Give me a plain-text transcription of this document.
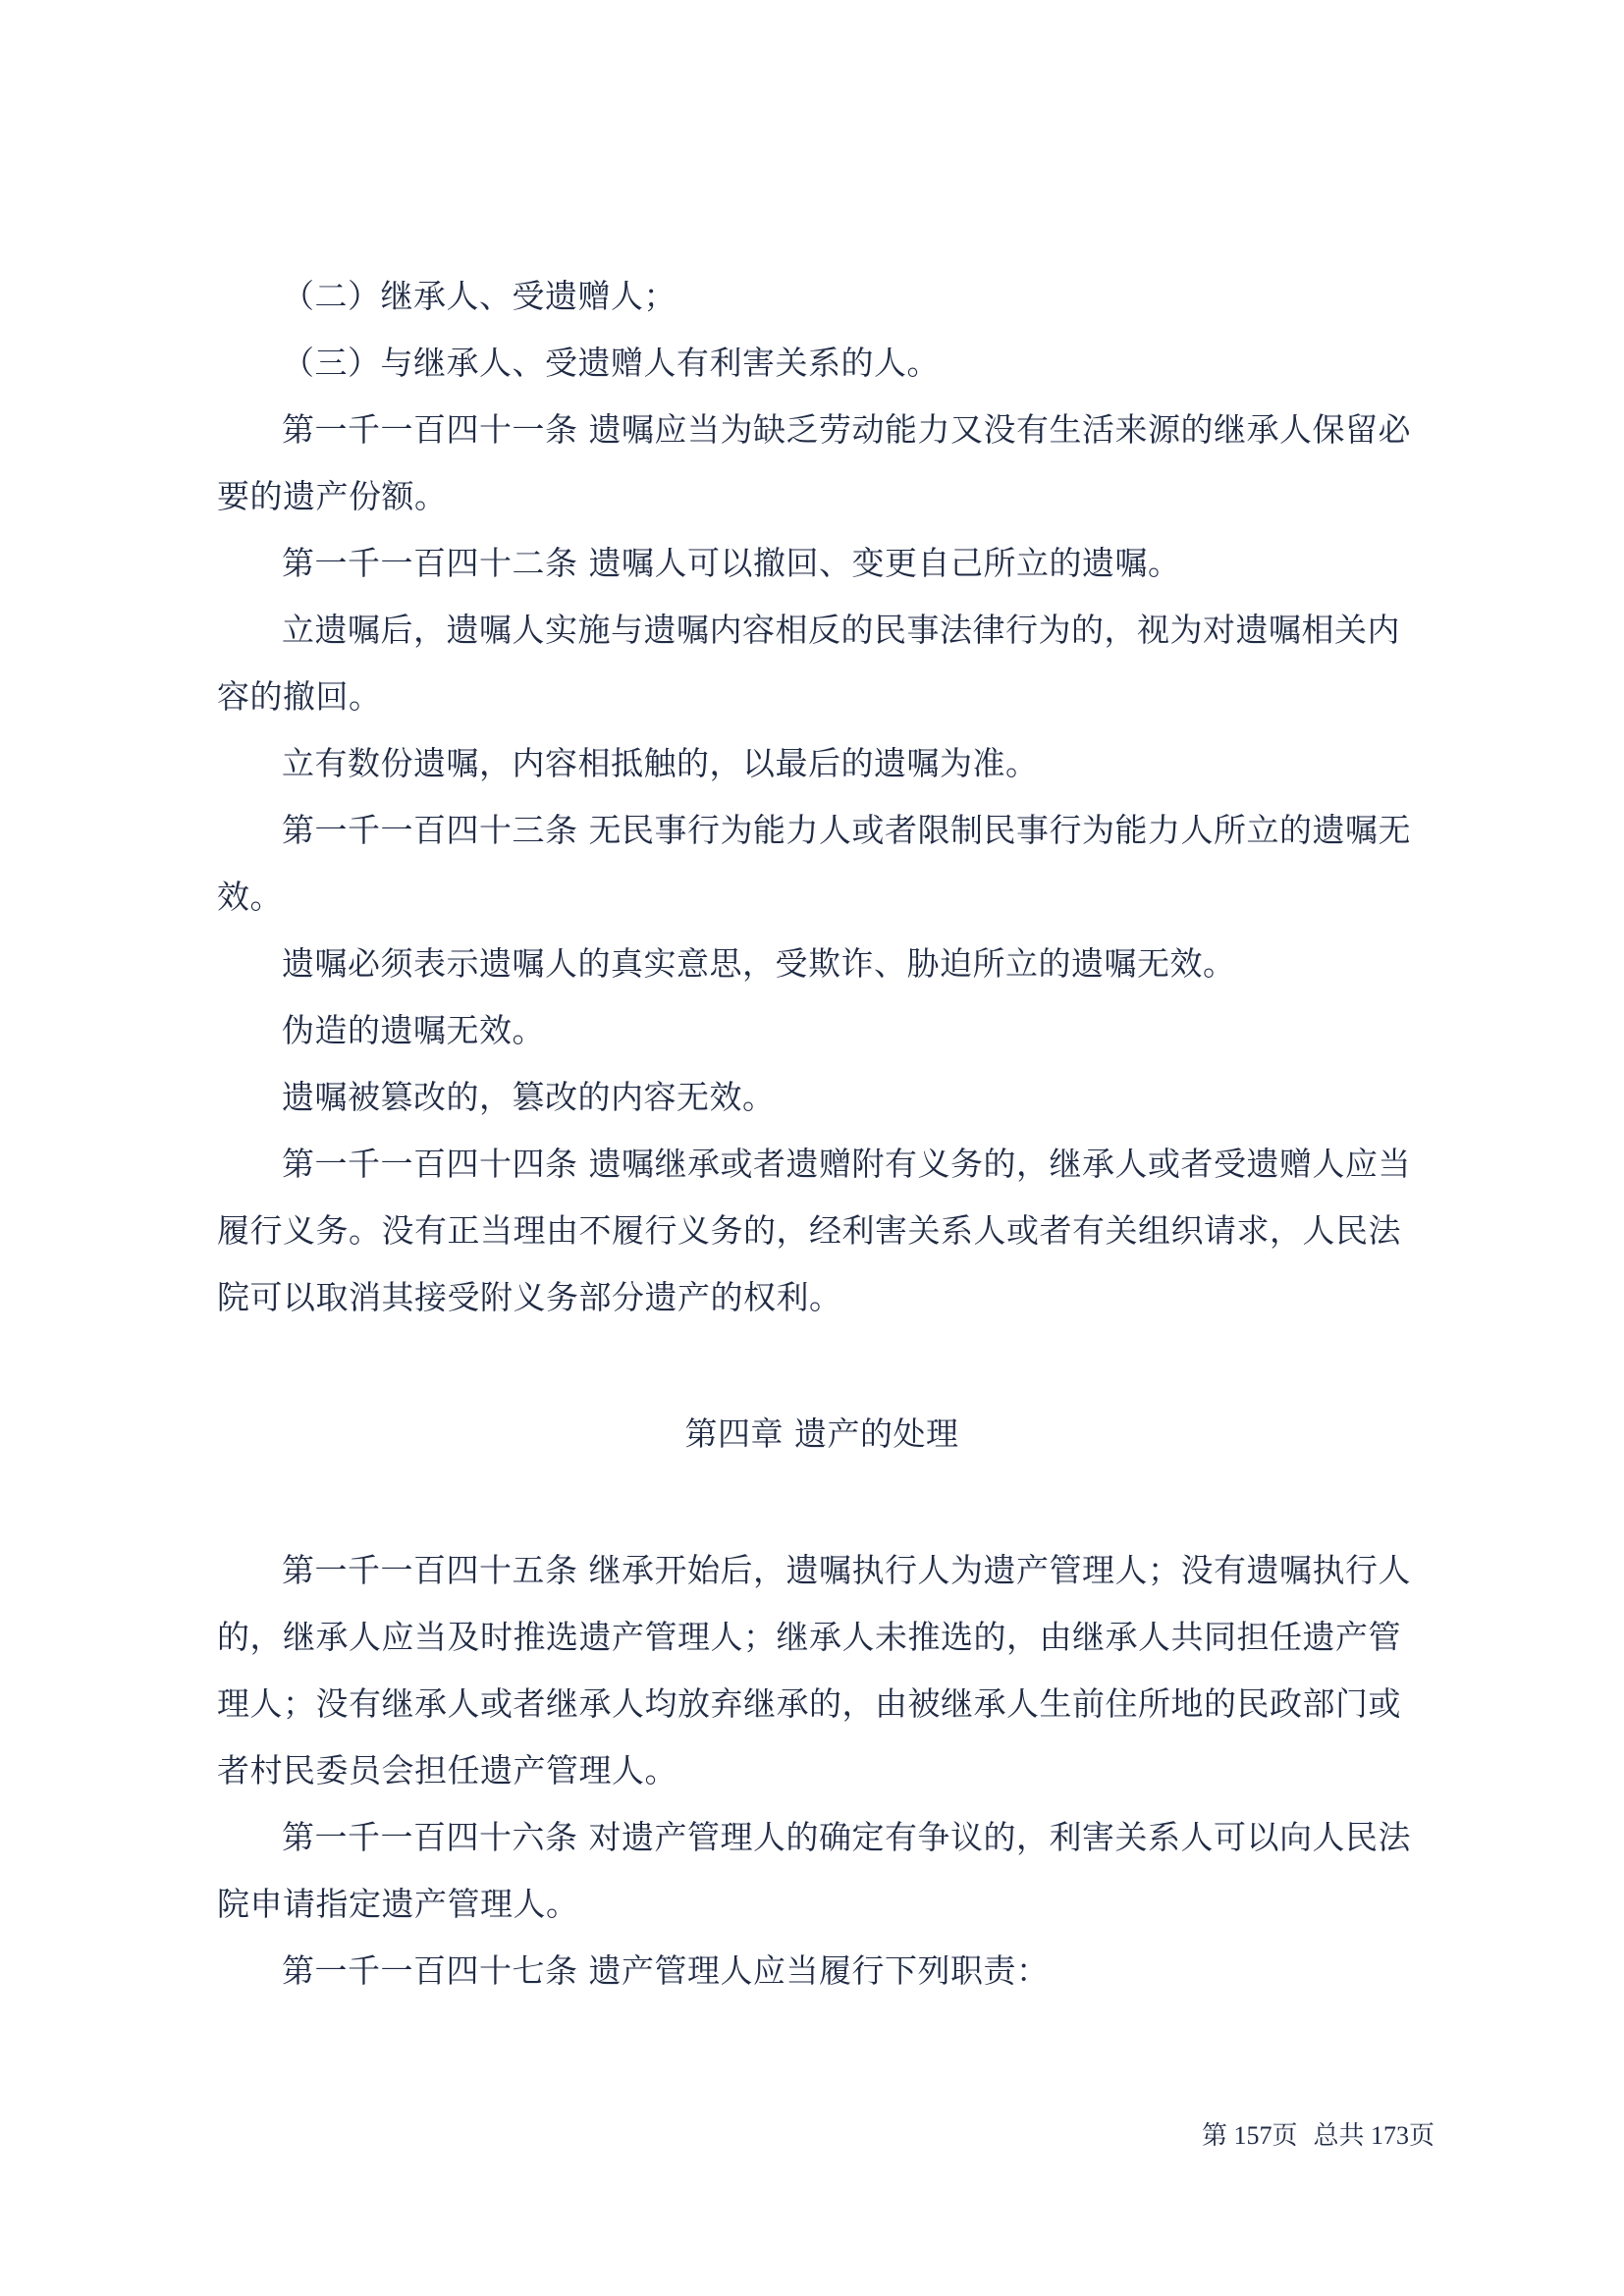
（二）继承人、受遗赠人；

（三）与继承人、受遗赠人有利害关系的人。

第一千一百四十一条 遗嘱应当为缺乏劳动能力又没有生活来源的继承人保留必要的遗产份额。

第一千一百四十二条 遗嘱人可以撤回、变更自己所立的遗嘱。

立遗嘱后，遗嘱人实施与遗嘱内容相反的民事法律行为的，视为对遗嘱相关内容的撤回。

立有数份遗嘱，内容相抵触的，以最后的遗嘱为准。

第一千一百四十三条 无民事行为能力人或者限制民事行为能力人所立的遗嘱无效。

遗嘱必须表示遗嘱人的真实意思，受欺诈、胁迫所立的遗嘱无效。

伪造的遗嘱无效。

遗嘱被篡改的，篡改的内容无效。

第一千一百四十四条 遗嘱继承或者遗赠附有义务的，继承人或者受遗赠人应当履行义务。没有正当理由不履行义务的，经利害关系人或者有关组织请求，人民法院可以取消其接受附义务部分遗产的权利。

第四章 遗产的处理

第一千一百四十五条 继承开始后，遗嘱执行人为遗产管理人；没有遗嘱执行人的，继承人应当及时推选遗产管理人；继承人未推选的，由继承人共同担任遗产管理人；没有继承人或者继承人均放弃继承的，由被继承人生前住所地的民政部门或者村民委员会担任遗产管理人。

第一千一百四十六条 对遗产管理人的确定有争议的，利害关系人可以向人民法院申请指定遗产管理人。

第一千一百四十七条 遗产管理人应当履行下列职责：

第 157页 总共 173页
